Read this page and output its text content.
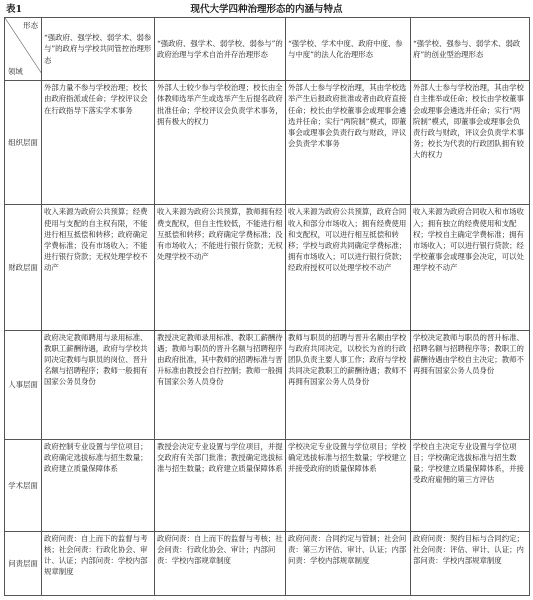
表1	现代大学四种治理形态的内涵与特点
形态
领域	“强政府、强学校、弱学术、弱参与”的政府与学校共同管控治理形态	“强政府、强学术、弱学校、弱参与”的政府治理与学术自治并存治理形态	“强学校、学术中度、政府中度、参与中度”的法人化治理形态	“强学校、强参与、弱学术、弱政府”的创业型治理形态
组织层面	外部力量不参与学校治理；校长由政府指派或任命；学校评议会在行政指导下落实学术事务	外部人士较少参与学校治理；校长由全体教师选举产生或选举产生后提名政府批准任命；学校评议会负责学术事务，拥有极大的权力	外部人士参与学校治理，其由学校选举产生后报政府批准或者由政府直接任命；校长由学校董事会或理事会遴选并任命；实行“两院制”模式，即董事会或理事会负责行政与财政，评议会负责学术事务	外部人士参与学校治理，其由学校自主推举或任命；校长由学校董事会或理事会遴选并任命；实行“两院制”模式，即董事会或理事会负责行政与财政，评议会负责学术事务；校长为代表的行政团队拥有较大的权力
财政层面	收入来源为政府公共预算；经费使用与支配的自主权有限，不能进行相互抵偿和转移；政府确定学费标准；没有市场收入；不能进行银行贷款；无权处理学校不动产	收入来源为政府公共预算，教师拥有经费支配权，但自主性较低，不能进行相互抵偿和转移；政府确定学费标准；没有市场收入；不能进行银行贷款；无权处理学校不动产	收入来源为政府公共预算，政府合同收入和部分市场收入；拥有经费使用和支配权，可以进行相互抵偿和转移；学校与政府共同确定学费标准；拥有市场收入；可以进行银行贷款；经政府授权可以处理学校不动产	收入来源为政府合同收入和市场收入；拥有独立的经费使用和支配权；学校自主确定学费标准；拥有市场收入；可以进行银行贷款；经学校董事会或理事会决定，可以处理学校不动产
人事层面	政府决定教师聘用与录用标准、教职工薪酬待遇，政府与学校共同决定教师与职员的岗位、晋升名额与招聘程序；教师一般拥有国家公务员身份	教授决定教师录用标准、教职工薪酬待遇；教师与职员的晋升名额与招聘程序由政府批准，其中教师的招聘标准与晋升标准由教授会自行控制；教师一般拥有国家公务人员身份	教师与职员的招聘与晋升名额由学校与政府共同决定，以校长为首的行政团队负责主要人事工作；政府与学校共同决定教职工的薪酬待遇；教师不再拥有国家公务人员身份	学校决定教师与职员的晋升标准、招聘名额与招聘程序等；教职工的薪酬待遇由学校自主决定；教师不再拥有国家公务人员身份
学术层面	政府控制专业设置与学位项目；政府确定选拔标准与招生数量；政府建立质量保障体系	教授会决定专业设置与学位项目，并提交政府有关部门批准；教授确定选拔标准与招生数量；政府建立质量保障体系	学校决定专业设置与学位项目；学校确定选拔标准与招生数量；学校建立并接受政府的质量保障体系	学校自主决定专业设置与学位项目；学校确定选拔标准与招生数量；学校建立质量保障体系，并接受政府雇佣的第三方评估
问责层面	政府问责：自上而下的监督与考核；社会问责：行政化协会、审计、认证；内部问责：学校内部规章制度	政府问责：自上而下的监督与考核；社会问责：行政化协会、审计；内部问责：学校内部规章制度	政府问责：合同约定与管制；社会问责：第三方评估、审计、认证；内部问责：学校内部规章制度	政府问责：契约目标与合同约定；社会问责：评估、审计、认证；内部问责：学校内部规章制度
